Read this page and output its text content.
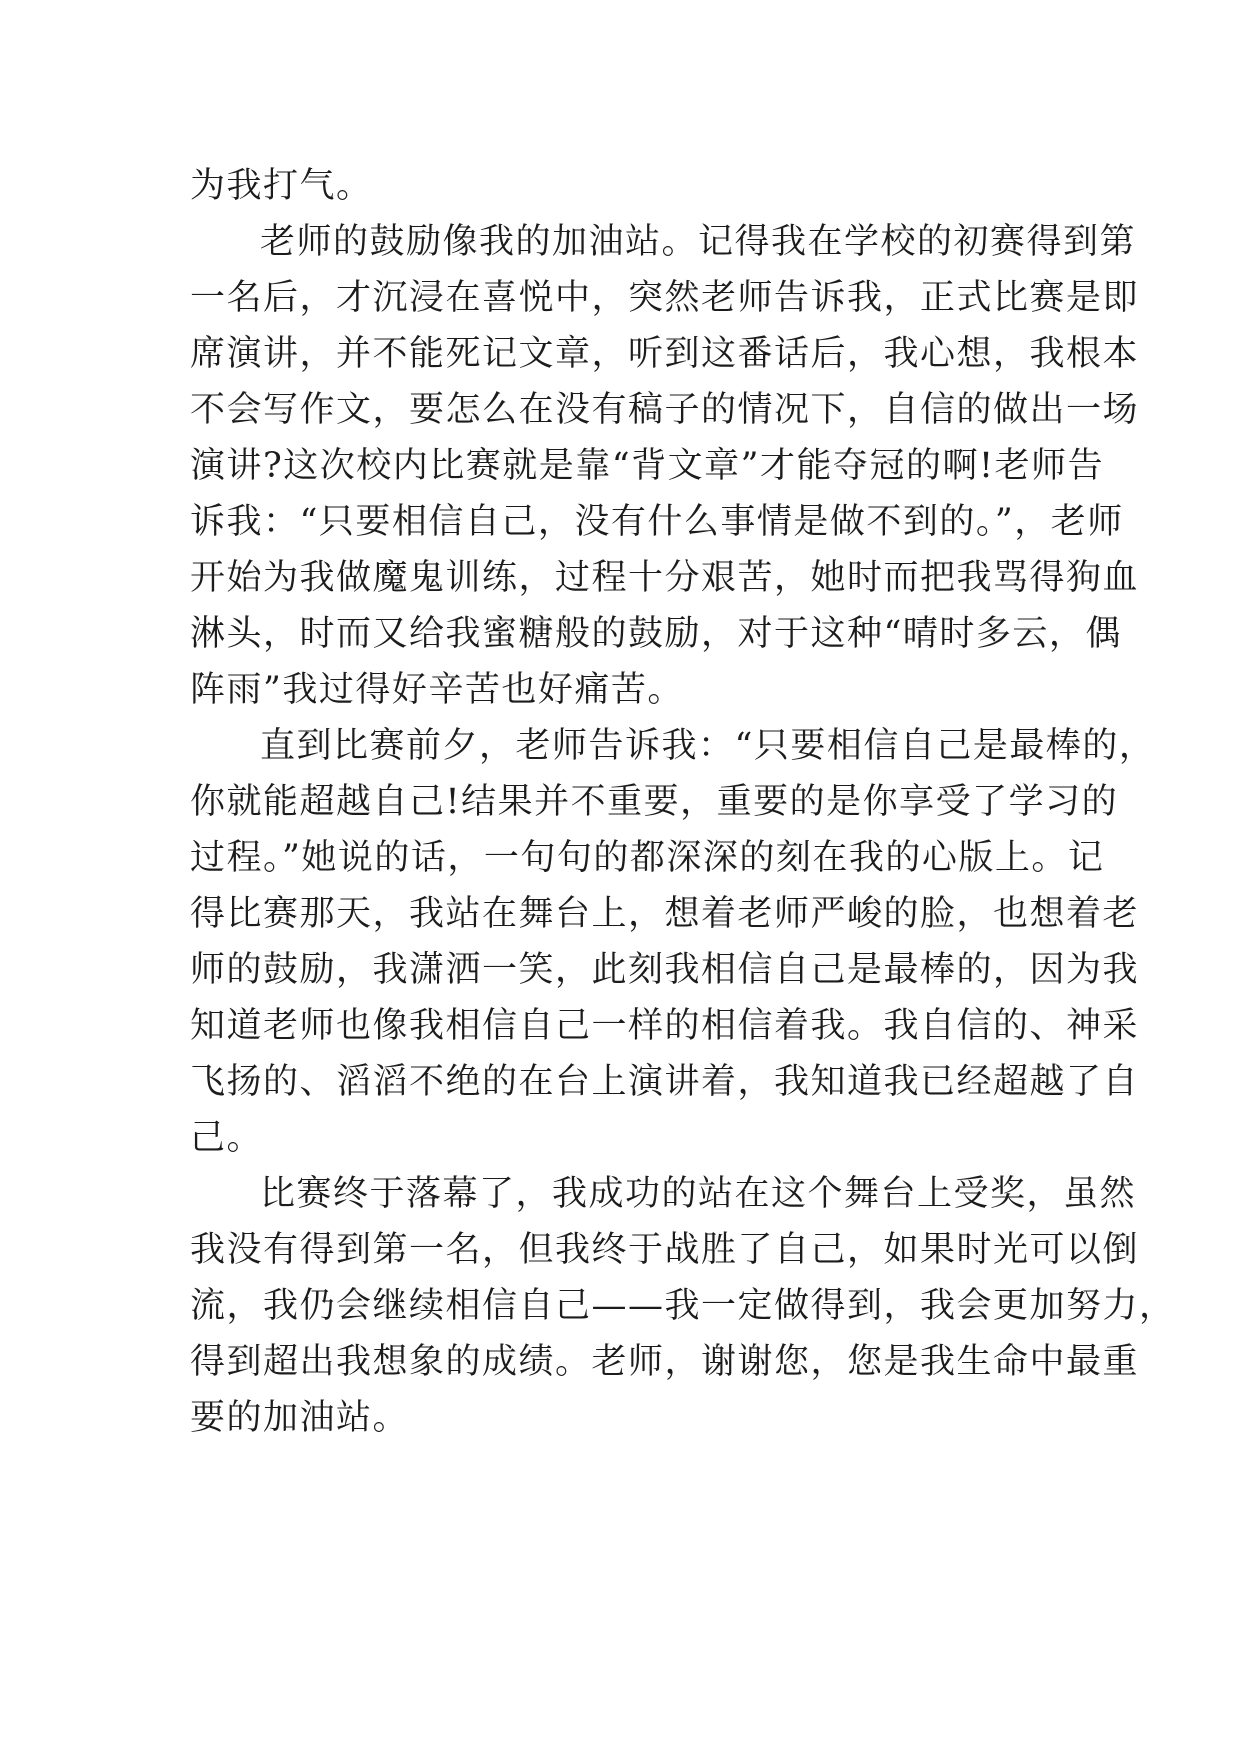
为我打气。
老师的鼓励像我的加油站。记得我在学校的初赛得到第
一名后，才沉浸在喜悦中，突然老师告诉我，正式比赛是即
席演讲，并不能死记文章，听到这番话后，我心想，我根本
不会写作文，要怎么在没有稿子的情况下，自信的做出一场
演讲?这次校内比赛就是靠“背文章”才能夺冠的啊!老师告
诉我：“只要相信自己，没有什么事情是做不到的。”，老师
开始为我做魔鬼训练，过程十分艰苦，她时而把我骂得狗血
淋头，时而又给我蜜糖般的鼓励，对于这种“晴时多云，偶
阵雨”我过得好辛苦也好痛苦。
直到比赛前夕，老师告诉我：“只要相信自己是最棒的，
你就能超越自己!结果并不重要，重要的是你享受了学习的
过程。”她说的话，一句句的都深深的刻在我的心版上。记
得比赛那天，我站在舞台上，想着老师严峻的脸，也想着老
师的鼓励，我潇洒一笑，此刻我相信自己是最棒的，因为我
知道老师也像我相信自己一样的相信着我。我自信的、神采
飞扬的、滔滔不绝的在台上演讲着，我知道我已经超越了自
己。
比赛终于落幕了，我成功的站在这个舞台上受奖，虽然
我没有得到第一名，但我终于战胜了自己，如果时光可以倒
流，我仍会继续相信自己——我一定做得到，我会更加努力，
得到超出我想象的成绩。老师，谢谢您，您是我生命中最重
要的加油站。
